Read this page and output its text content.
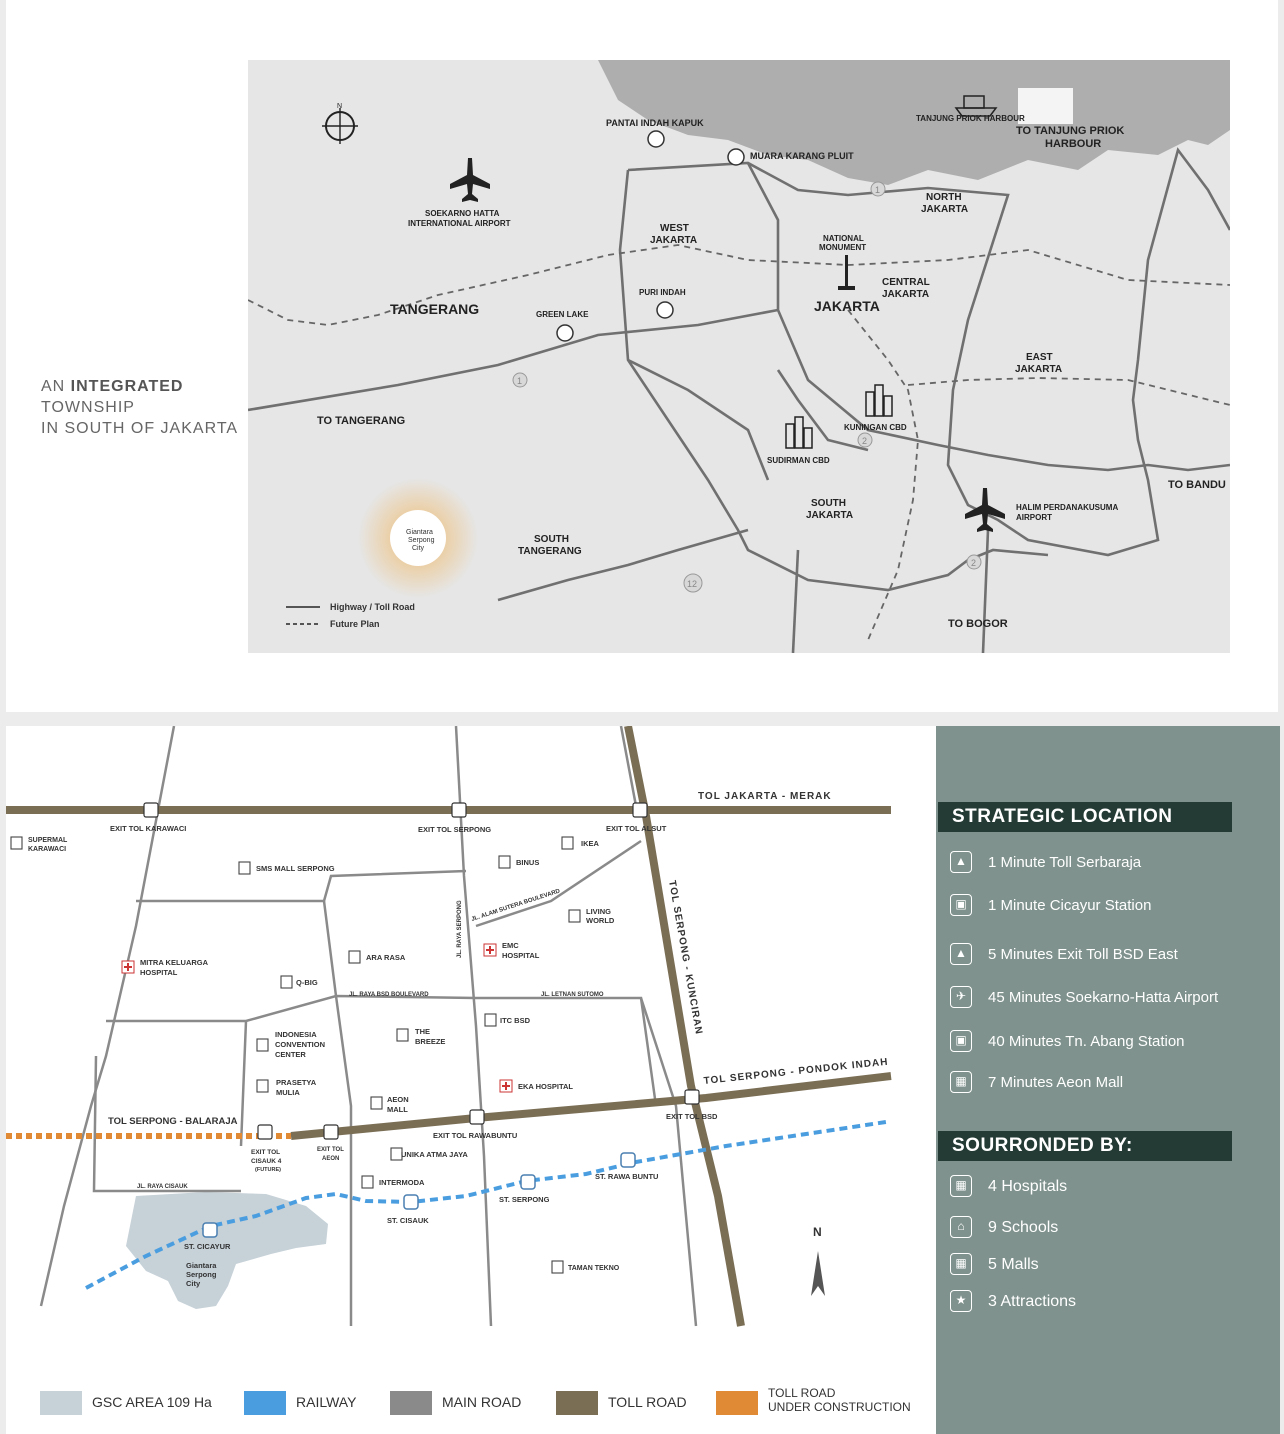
AN INTEGRATED
TOWNSHIP
IN SOUTH OF JAKARTA
1
2
2
1
12
N
Giantara
Serpong
City
PANTAI INDAH KAPUK
MUARA KARANG PLUIT
TANJUNG PRIOK HARBOUR
TO TANJUNG PRIOK
HARBOUR
NORTH
JAKARTA
SOEKARNO HATTA
INTERNATIONAL AIRPORT	WEST
JAKARTA	NATIONAL
MONUMENT
PURI INDAH
CENTRAL
JAKARTA
JAKARTA
TANGERANG	GREEN LAKE
EAST
JAKARTA
TO TANGERANG
KUNINGAN CBD
SUDIRMAN CBD
TO BANDU
SOUTH
JAKARTA
HALIM PERDANAKUSUMA
AIRPORT
SOUTH
TANGERANG
TO BOGOR
Highway / Toll Road
Future Plan
N
TOL JAKARTA - MERAK
EXIT TOL KARAWACI	EXIT TOL SERPONG	EXIT TOL ALSUT
SUPERMAL
KARAWACI
IKEA
SMS MALL SERPONG
BINUS
JL. ALAM SUTERA BOULEVARD	LIVING
WORLD
JL. RAYA SERPONG	TOL SERPONG - KUNCIRAN
EMC
HOSPITAL
MITRA KELUARGA
HOSPITAL
ARA RASA
Q-BIG
JL. RAYA BSD BOULEVARD	JL. LETNAN SUTOMO
ITC BSD
INDONESIA
CONVENTION
CENTER
THE
BREEZE
TOL SERPONG - PONDOK INDAH
PRASETYA
MULIA
EKA HOSPITAL
AEON
MALL
EXIT TOL BSD
TOL SERPONG - BALARAJA
EXIT TOL RAWABUNTU
EXIT TOL
CISAUK 4
(FUTURE)
EXIT TOL
AEON	UNIKA ATMA JAYA
ST. RAWA BUNTU
INTERMODA
ST. SERPONG
JL. RAYA CISAUK
ST. CISAUK
ST. CICAYUR
Giantara
Serpong
City
TAMAN TEKNO
GSC AREA 109 Ha	RAILWAY	MAIN ROAD	TOLL ROAD
TOLL ROAD
UNDER CONSTRUCTION
STRATEGIC LOCATION
▲	1 Minute Toll Serbaraja
▣	1 Minute Cicayur Station
▲	5 Minutes Exit Toll BSD East
✈	45 Minutes Soekarno-Hatta Airport
▣	40 Minutes Tn. Abang Station
▦	7 Minutes Aeon Mall
SOURRONDED BY:
▦	4 Hospitals
⌂	9 Schools
▦	5 Malls
★	3 Attractions
